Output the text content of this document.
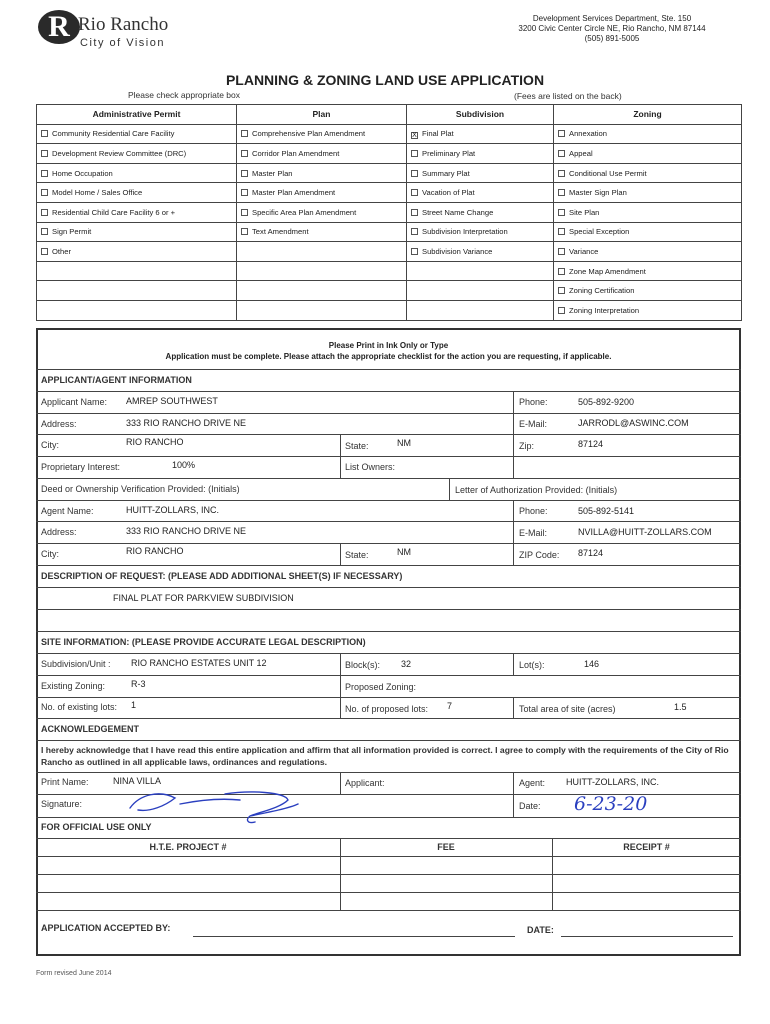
R Rio Rancho
City of Vision
Development Services Department, Ste. 150
3200 Civic Center Circle NE, Rio Rancho, NM 87144
(505) 891-5005
PLANNING & ZONING LAND USE APPLICATION
Please check appropriate box	(Fees are listed on the back)
Administrative Permit	Plan	Subdivision	Zoning
Community Residential Care Facility	Comprehensive Plan Amendment	X Final Plat	Annexation
Development Review Committee (DRC)	Corridor Plan Amendment	Preliminary Plat	Appeal
Home Occupation	Master Plan	Summary Plat	Conditional Use Permit
Model Home / Sales Office	Master Plan Amendment	Vacation of Plat	Master Sign Plan
Residential Child Care Facility 6 or +	Specific Area Plan Amendment	Street Name Change	Site Plan
Sign Permit	Text Amendment	Subdivision Interpretation	Special Exception
Other		Subdivision Variance	Variance
			Zone Map Amendment
			Zoning Certification
			Zoning Interpretation
Please Print in Ink Only or Type
Application must be complete. Please attach the appropriate checklist for the action you are requesting, if applicable.
APPLICANT/AGENT INFORMATION
Applicant Name: AMREP SOUTHWEST	Phone:	505-892-9200
Address:	333 RIO RANCHO DRIVE NE	E-Mail:	JARRODL@ASWINC.COM
City:	RIO RANCHO	State:	NM	Zip:	87124
Proprietary Interest:	100%	List Owners:
Deed or Ownership Verification Provided: (Initials)	Letter of Authorization Provided: (Initials)
Agent Name:	HUITT-ZOLLARS, INC.	Phone:	505-892-5141
Address:	333 RIO RANCHO DRIVE NE	E-Mail:	NVILLA@HUITT-ZOLLARS.COM
City:	RIO RANCHO	State:	NM	ZIP Code: 87124
DESCRIPTION OF REQUEST: (PLEASE ADD ADDITIONAL SHEET(S) IF NECESSARY)
FINAL PLAT FOR PARKVIEW SUBDIVISION
SITE INFORMATION: (PLEASE PROVIDE ACCURATE LEGAL DESCRIPTION)
Subdivision/Unit : RIO RANCHO ESTATES UNIT 12	Block(s): 32	Lot(s):	146
Existing Zoning:	R-3	Proposed Zoning:
No. of existing lots: 1	No. of proposed lots: 7	Total area of site (acres)	1.5
ACKNOWLEDGEMENT
I hereby acknowledge that I have read this entire application and affirm that all information provided is correct. I agree to comply with the requirements of the City of Rio Rancho as outlined in all applicable laws, ordinances and regulations.
Print Name:	NINA VILLA	Applicant:	Agent: HUITT-ZOLLARS, INC.
Signature:	Date: 6-23-20
FOR OFFICIAL USE ONLY
H.T.E. PROJECT #	FEE	RECEIPT #
APPLICATION ACCEPTED BY:	DATE:
Form revised June 2014
